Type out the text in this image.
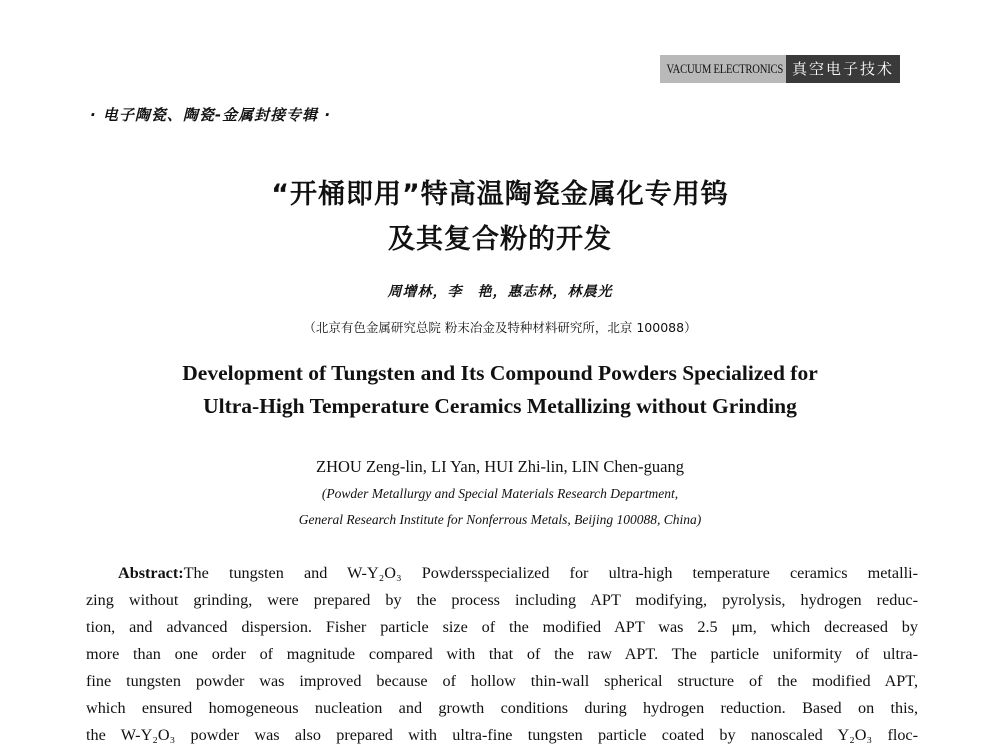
VACUUM ELECTRONICS 真空电子技术
· 电子陶瓷、陶瓷-金属封接专辑 ·
“开桶即用”特高温陶瓷金属化专用钨
及其复合粉的开发
周增林，李　艳，惠志林，林晨光
（北京有色金属研究总院 粉末冶金及特种材料研究所，北京 100088）
Development of Tungsten and Its Compound Powders Specialized for
Ultra-High Temperature Ceramics Metallizing without Grinding
ZHOU Zeng-lin, LI Yan, HUI Zhi-lin, LIN Chen-guang
(Powder Metallurgy and Special Materials Research Department,
General Research Institute for Nonferrous Metals, Beijing 100088, China)
Abstract:The tungsten and W-Y₂O₃ Powdersspecialized for ultra-high temperature ceramics metalli-
zing without grinding, were prepared by the process including APT modifying, pyrolysis, hydrogen reduc-
tion, and advanced dispersion. Fisher particle size of the modified APT was 2.5 μm, which decreased by
more than one order of magnitude compared with that of the raw APT. The particle uniformity of ultra-
fine tungsten powder was improved because of hollow thin-wall spherical structure of the modified APT,
which ensured homogeneous nucleation and growth conditions during hydrogen reduction. Based on this,
the W-Y₂O₃ powder was also prepared with ultra-fine tungsten particle coated by nanoscaled Y₂O₃ floc-
